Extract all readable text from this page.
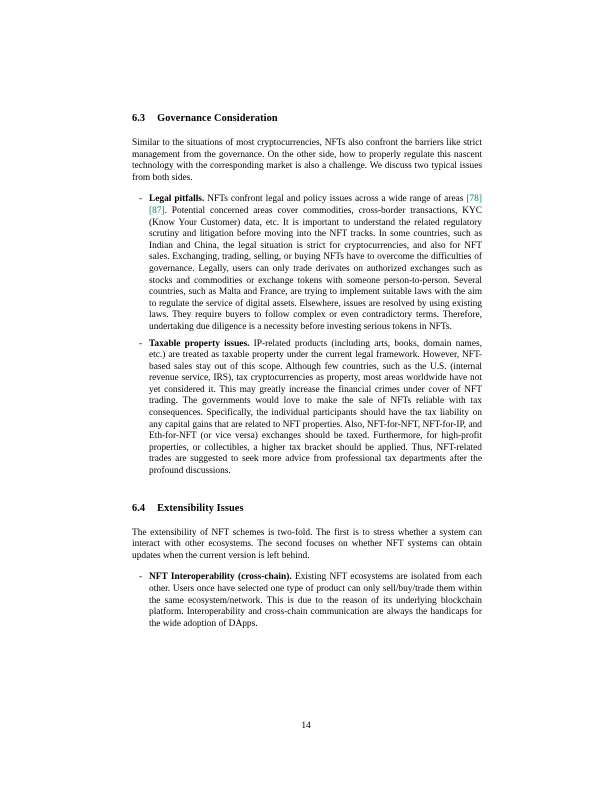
6.3 Governance Consideration

Similar to the situations of most cryptocurrencies, NFTs also confront the barriers like strict management from the governance. On the other side, how to properly regulate this nascent technology with the corresponding market is also a challenge. We discuss two typical issues from both sides.

- Legal pitfalls. NFTs confront legal and policy issues across a wide range of areas [78][87]. Potential concerned areas cover commodities, cross-border transactions, KYC (Know Your Customer) data, etc. It is important to understand the related regulatory scrutiny and litigation before moving into the NFT tracks. In some countries, such as Indian and China, the legal situation is strict for cryptocurrencies, and also for NFT sales. Exchanging, trading, selling, or buying NFTs have to overcome the difficulties of governance. Legally, users can only trade derivates on authorized exchanges such as stocks and commodities or exchange tokens with someone person-to-person. Several countries, such as Malta and France, are trying to implement suitable laws with the aim to regulate the service of digital assets. Elsewhere, issues are resolved by using existing laws. They require buyers to follow complex or even contradictory terms. Therefore, undertaking due diligence is a necessity before investing serious tokens in NFTs.
- Taxable property issues. IP-related products (including arts, books, domain names, etc.) are treated as taxable property under the current legal framework. However, NFT-based sales stay out of this scope. Although few countries, such as the U.S. (internal revenue service, IRS), tax cryptocurrencies as property, most areas worldwide have not yet considered it. This may greatly increase the financial crimes under cover of NFT trading. The governments would love to make the sale of NFTs reliable with tax consequences. Specifically, the individual participants should have the tax liability on any capital gains that are related to NFT properties. Also, NFT-for-NFT, NFT-for-IP, and Eth-for-NFT (or vice versa) exchanges should be taxed. Furthermore, for high-profit properties, or collectibles, a higher tax bracket should be applied. Thus, NFT-related trades are suggested to seek more advice from professional tax departments after the profound discussions.
6.4 Extensibility Issues

The extensibility of NFT schemes is two-fold. The first is to stress whether a system can interact with other ecosystems. The second focuses on whether NFT systems can obtain updates when the current version is left behind.

- NFT Interoperability (cross-chain). Existing NFT ecosystems are isolated from each other. Users once have selected one type of product can only sell/buy/trade them within the same ecosystem/network. This is due to the reason of its underlying blockchain platform. Interoperability and cross-chain communication are always the handicaps for the wide adoption of DApps.
14
